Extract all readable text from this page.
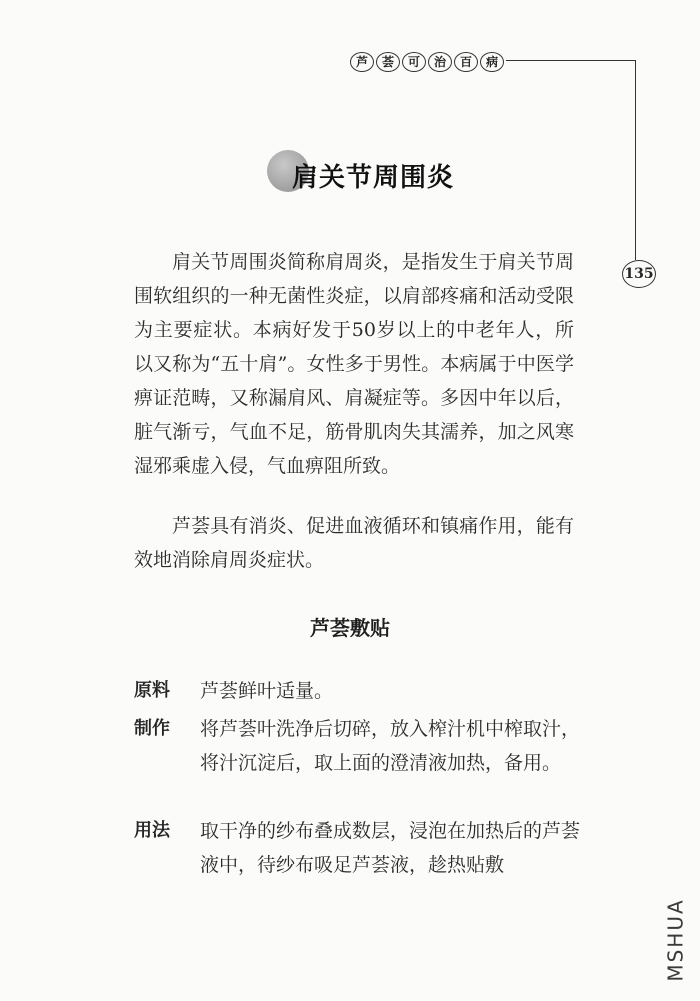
芦	荟	可	治	百	病
135
肩关节周围炎

肩关节周围炎简称肩周炎，是指发生于肩关节周围软组织的一种无菌性炎症，以肩部疼痛和活动受限为主要症状。本病好发于50岁以上的中老年人，所以又称为“五十肩”。女性多于男性。本病属于中医学痹证范畴，又称漏肩风、肩凝症等。多因中年以后，脏气渐亏，气血不足，筋骨肌肉失其濡养，加之风寒湿邪乘虚入侵，气血痹阻所致。

芦荟具有消炎、促进血液循环和镇痛作用，能有效地消除肩周炎症状。

芦荟敷贴
原料	芦荟鲜叶适量。
制作	将芦荟叶洗净后切碎，放入榨汁机中榨取汁，将汁沉淀后，取上面的澄清液加热，备用。
用法	取干净的纱布叠成数层，浸泡在加热后的芦荟液中，待纱布吸足芦荟液，趁热贴敷
MSHUA
